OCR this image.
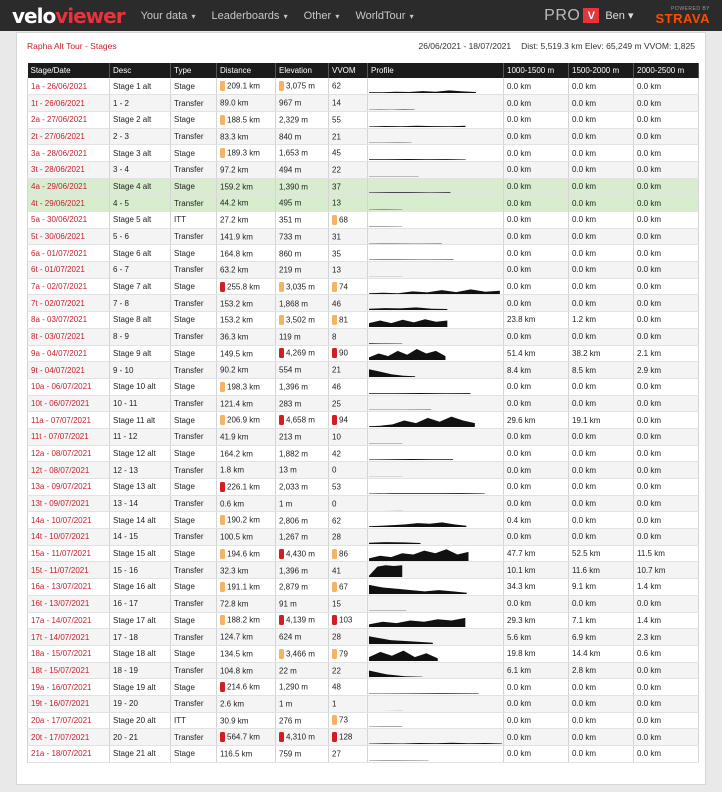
veloviewer Your data ▾ Leaderboards ▾ Other ▾ WorldTour ▾	PRO V Ben ▾
POWERED BY
STRAVA
Rapha Alt Tour - Stages	26/06/2021 - 18/07/2021 Dist: 5,519.3 km Elev: 65,249 m VVOM: 1,825
Stage/Date	Desc	Type	Distance	Elevation	VVOM	Profile	1000-1500 m	1500-2000 m	2000-2500 m
1a - 26/06/2021	Stage 1 alt	Stage	209.1 km	3,075 m	62		0.0 km	0.0 km	0.0 km
1t - 26/06/2021	1 - 2	Transfer	89.0 km	967 m	14		0.0 km	0.0 km	0.0 km
2a - 27/06/2021	Stage 2 alt	Stage	188.5 km	2,329 m	55		0.0 km	0.0 km	0.0 km
2t - 27/06/2021	2 - 3	Transfer	83.3 km	840 m	21		0.0 km	0.0 km	0.0 km
3a - 28/06/2021	Stage 3 alt	Stage	189.3 km	1,653 m	45		0.0 km	0.0 km	0.0 km
3t - 28/06/2021	3 - 4	Transfer	97.2 km	494 m	22		0.0 km	0.0 km	0.0 km
4a - 29/06/2021	Stage 4 alt	Stage	159.2 km	1,390 m	37		0.0 km	0.0 km	0.0 km
4t - 29/06/2021	4 - 5	Transfer	44.2 km	495 m	13		0.0 km	0.0 km	0.0 km
5a - 30/06/2021	Stage 5 alt	ITT	27.2 km	351 m	68		0.0 km	0.0 km	0.0 km
5t - 30/06/2021	5 - 6	Transfer	141.9 km	733 m	31		0.0 km	0.0 km	0.0 km
6a - 01/07/2021	Stage 6 alt	Stage	164.8 km	860 m	35		0.0 km	0.0 km	0.0 km
6t - 01/07/2021	6 - 7	Transfer	63.2 km	219 m	13		0.0 km	0.0 km	0.0 km
7a - 02/07/2021	Stage 7 alt	Stage	255.8 km	3,035 m	74		0.0 km	0.0 km	0.0 km
7t - 02/07/2021	7 - 8	Transfer	153.2 km	1,868 m	46		0.0 km	0.0 km	0.0 km
8a - 03/07/2021	Stage 8 alt	Stage	153.2 km	3,502 m	81		23.8 km	1.2 km	0.0 km
8t - 03/07/2021	8 - 9	Transfer	36.3 km	119 m	8		0.0 km	0.0 km	0.0 km
9a - 04/07/2021	Stage 9 alt	Stage	149.5 km	4,269 m	90		51.4 km	38.2 km	2.1 km
9t - 04/07/2021	9 - 10	Transfer	90.2 km	554 m	21		8.4 km	8.5 km	2.9 km
10a - 06/07/2021	Stage 10 alt	Stage	198.3 km	1,396 m	46		0.0 km	0.0 km	0.0 km
10t - 06/07/2021	10 - 11	Transfer	121.4 km	283 m	25		0.0 km	0.0 km	0.0 km
11a - 07/07/2021	Stage 11 alt	Stage	206.9 km	4,658 m	94		29.6 km	19.1 km	0.0 km
11t - 07/07/2021	11 - 12	Transfer	41.9 km	213 m	10		0.0 km	0.0 km	0.0 km
12a - 08/07/2021	Stage 12 alt	Stage	164.2 km	1,882 m	42		0.0 km	0.0 km	0.0 km
12t - 08/07/2021	12 - 13	Transfer	1.8 km	13 m	0		0.0 km	0.0 km	0.0 km
13a - 09/07/2021	Stage 13 alt	Stage	226.1 km	2,033 m	53		0.0 km	0.0 km	0.0 km
13t - 09/07/2021	13 - 14	Transfer	0.6 km	1 m	0		0.0 km	0.0 km	0.0 km
14a - 10/07/2021	Stage 14 alt	Stage	190.2 km	2,806 m	62		0.4 km	0.0 km	0.0 km
14t - 10/07/2021	14 - 15	Transfer	100.5 km	1,267 m	28		0.0 km	0.0 km	0.0 km
15a - 11/07/2021	Stage 15 alt	Stage	194.6 km	4,430 m	86		47.7 km	52.5 km	11.5 km
15t - 11/07/2021	15 - 16	Transfer	32.3 km	1,396 m	41		10.1 km	11.6 km	10.7 km
16a - 13/07/2021	Stage 16 alt	Stage	191.1 km	2,879 m	67		34.3 km	9.1 km	1.4 km
16t - 13/07/2021	16 - 17	Transfer	72.8 km	91 m	15		0.0 km	0.0 km	0.0 km
17a - 14/07/2021	Stage 17 alt	Stage	188.2 km	4,139 m	103		29.3 km	7.1 km	1.4 km
17t - 14/07/2021	17 - 18	Transfer	124.7 km	624 m	28		5.6 km	6.9 km	2.3 km
18a - 15/07/2021	Stage 18 alt	Stage	134.5 km	3,466 m	79		19.8 km	14.4 km	0.6 km
18t - 15/07/2021	18 - 19	Transfer	104.8 km	22 m	22		6.1 km	2.8 km	0.0 km
19a - 16/07/2021	Stage 19 alt	Stage	214.6 km	1,290 m	48		0.0 km	0.0 km	0.0 km
19t - 16/07/2021	19 - 20	Transfer	2.6 km	1 m	1		0.0 km	0.0 km	0.0 km
20a - 17/07/2021	Stage 20 alt	ITT	30.9 km	276 m	73		0.0 km	0.0 km	0.0 km
20t - 17/07/2021	20 - 21	Transfer	564.7 km	4,310 m	128		0.0 km	0.0 km	0.0 km
21a - 18/07/2021	Stage 21 alt	Stage	116.5 km	759 m	27		0.0 km	0.0 km	0.0 km
